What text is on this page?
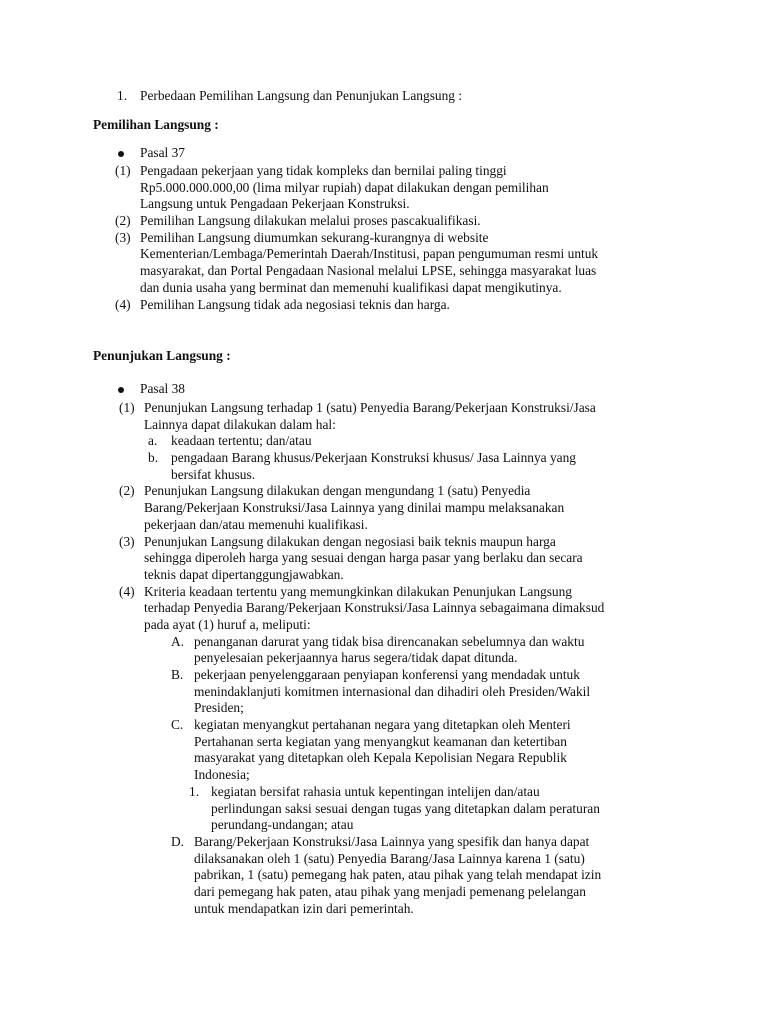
1. Perbedaan Pemilihan Langsung dan Penunjukan Langsung :
Pemilihan Langsung :
Pasal 37
(1) Pengadaan pekerjaan yang tidak kompleks dan bernilai paling tinggi
Rp5.000.000.000,00 (lima milyar rupiah) dapat dilakukan dengan pemilihan
Langsung untuk Pengadaan Pekerjaan Konstruksi.
(2) Pemilihan Langsung dilakukan melalui proses pascakualifikasi.
(3) Pemilihan Langsung diumumkan sekurang-kurangnya di website
Kementerian/Lembaga/Pemerintah Daerah/Institusi, papan pengumuman resmi untuk
masyarakat, dan Portal Pengadaan Nasional melalui LPSE, sehingga masyarakat luas
dan dunia usaha yang berminat dan memenuhi kualifikasi dapat mengikutinya.
(4) Pemilihan Langsung tidak ada negosiasi teknis dan harga.
Penunjukan Langsung :
Pasal 38
(1) Penunjukan Langsung terhadap 1 (satu) Penyedia Barang/Pekerjaan Konstruksi/Jasa
Lainnya dapat dilakukan dalam hal:
a. keadaan tertentu; dan/atau
b. pengadaan Barang khusus/Pekerjaan Konstruksi khusus/ Jasa Lainnya yang
bersifat khusus.
(2) Penunjukan Langsung dilakukan dengan mengundang 1 (satu) Penyedia
Barang/Pekerjaan Konstruksi/Jasa Lainnya yang dinilai mampu melaksanakan
pekerjaan dan/atau memenuhi kualifikasi.
(3) Penunjukan Langsung dilakukan dengan negosiasi baik teknis maupun harga
sehingga diperoleh harga yang sesuai dengan harga pasar yang berlaku dan secara
teknis dapat dipertanggungjawabkan.
(4) Kriteria keadaan tertentu yang memungkinkan dilakukan Penunjukan Langsung
terhadap Penyedia Barang/Pekerjaan Konstruksi/Jasa Lainnya sebagaimana dimaksud
pada ayat (1) huruf a, meliputi:
A. penanganan darurat yang tidak bisa direncanakan sebelumnya dan waktu
penyelesaian pekerjaannya harus segera/tidak dapat ditunda.
B. pekerjaan penyelenggaraan penyiapan konferensi yang mendadak untuk
menindaklanjuti komitmen internasional dan dihadiri oleh Presiden/Wakil
Presiden;
C. kegiatan menyangkut pertahanan negara yang ditetapkan oleh Menteri
Pertahanan serta kegiatan yang menyangkut keamanan dan ketertiban
masyarakat yang ditetapkan oleh Kepala Kepolisian Negara Republik
Indonesia;
1. kegiatan bersifat rahasia untuk kepentingan intelijen dan/atau
perlindungan saksi sesuai dengan tugas yang ditetapkan dalam peraturan
perundang-undangan; atau
D. Barang/Pekerjaan Konstruksi/Jasa Lainnya yang spesifik dan hanya dapat
dilaksanakan oleh 1 (satu) Penyedia Barang/Jasa Lainnya karena 1 (satu)
pabrikan, 1 (satu) pemegang hak paten, atau pihak yang telah mendapat izin
dari pemegang hak paten, atau pihak yang menjadi pemenang pelelangan
untuk mendapatkan izin dari pemerintah.
